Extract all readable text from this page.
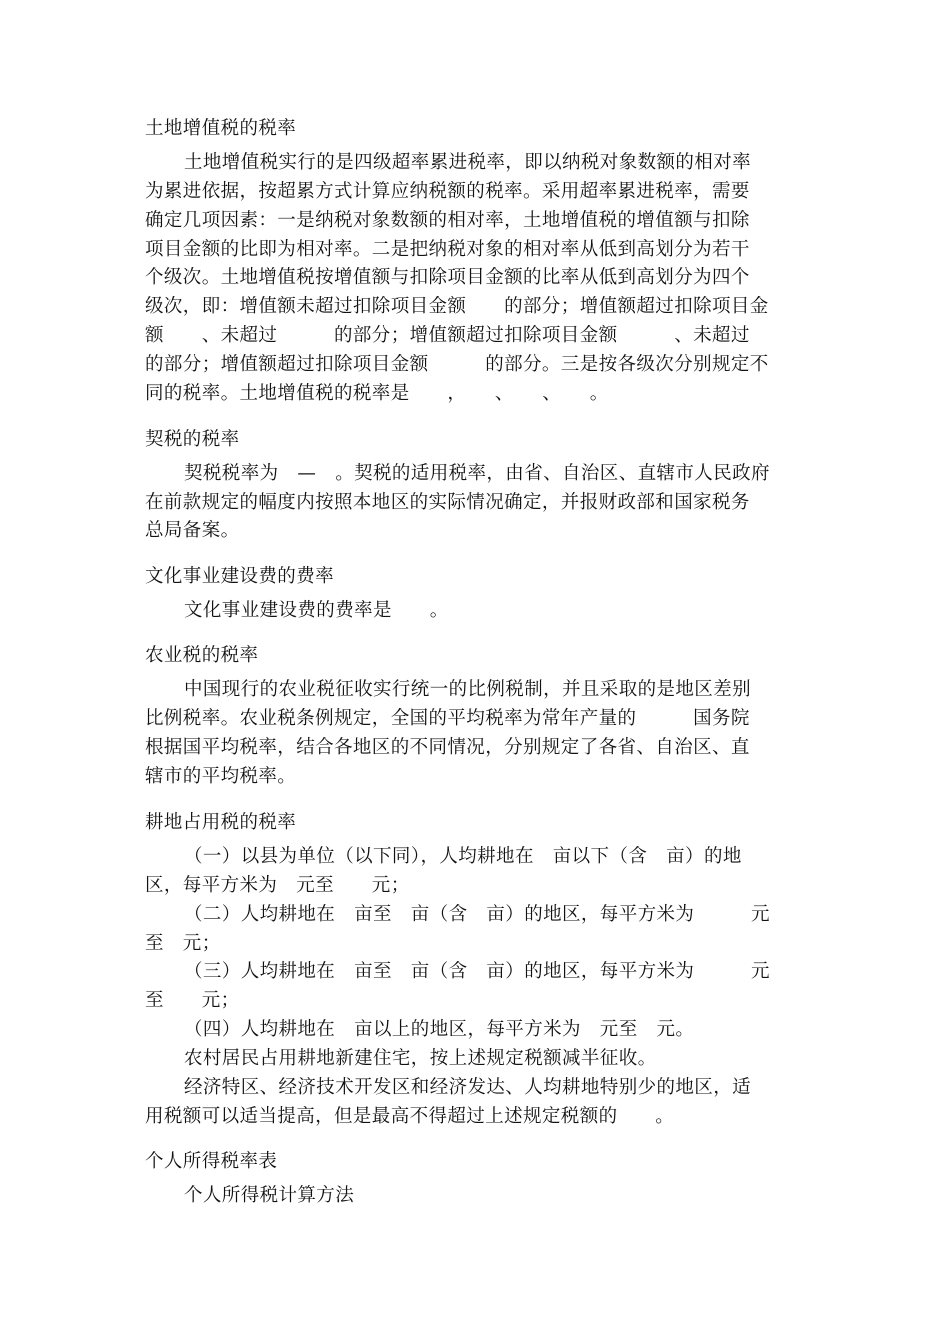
土地增值税的税率
土地增值税实行的是四级超率累进税率，即以纳税对象数额的相对率
为累进依据，按超累方式计算应纳税额的税率。采用超率累进税率，需要
确定几项因素：一是纳税对象数额的相对率，土地增值税的增值额与扣除
项目金额的比即为相对率。二是把纳税对象的相对率从低到高划分为若干
个级次。土地增值税按增值额与扣除项目金额的比率从低到高划分为四个
级次，即：增值额未超过扣除项目金额　　的部分；增值额超过扣除项目金
额　　、未超过　　　的部分；增值额超过扣除项目金额　　　、未超过
的部分；增值额超过扣除项目金额　　　的部分。三是按各级次分别规定不
同的税率。土地增值税的税率是　　，　　、　　、　　。
契税的税率
契税税率为　—　。契税的适用税率，由省、自治区、直辖市人民政府
在前款规定的幅度内按照本地区的实际情况确定，并报财政部和国家税务
总局备案。
文化事业建设费的费率
文化事业建设费的费率是　　。
农业税的税率
中国现行的农业税征收实行统一的比例税制，并且采取的是地区差别
比例税率。农业税条例规定，全国的平均税率为常年产量的　　　国务院
根据国平均税率，结合各地区的不同情况，分别规定了各省、自治区、直
辖市的平均税率。
耕地占用税的税率
（一）以县为单位（以下同），人均耕地在　亩以下（含　亩）的地
区，每平方米为　元至　　元；
（二）人均耕地在　亩至　亩（含　亩）的地区，每平方米为　　　元
至　元；
（三）人均耕地在　亩至　亩（含　亩）的地区，每平方米为　　　元
至　　元；
（四）人均耕地在　亩以上的地区，每平方米为　元至　元。
农村居民占用耕地新建住宅，按上述规定税额减半征收。
经济特区、经济技术开发区和经济发达、人均耕地特别少的地区，适
用税额可以适当提高，但是最高不得超过上述规定税额的　　。
个人所得税率表
个人所得税计算方法
